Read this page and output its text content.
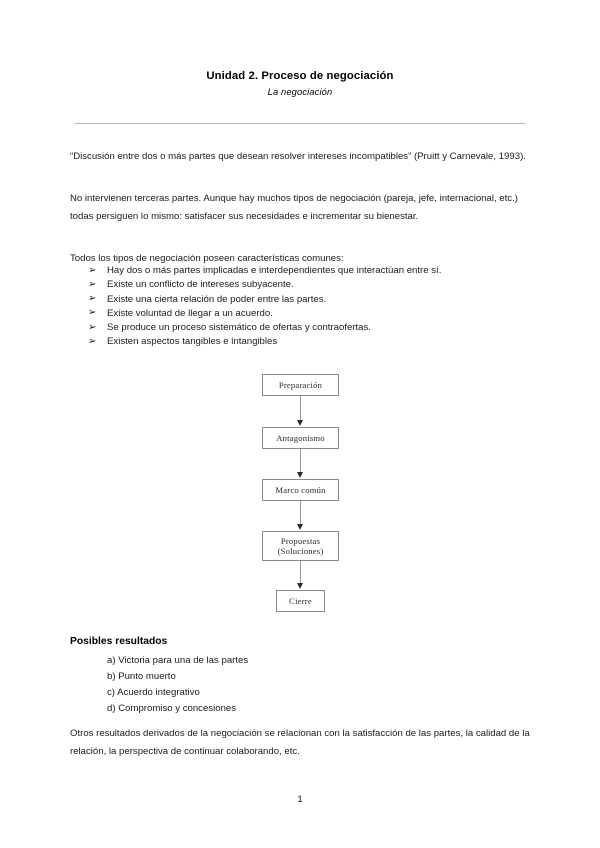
Unidad 2. Proceso de negociación
La negociación
“Discusión entre dos o más partes que desean resolver intereses incompatibles” (Pruitt y Carnevale, 1993).
No intervienen terceras partes. Aunque hay muchos tipos de negociación (pareja, jefe, internacional, etc.) todas persiguen lo mismo: satisfacer sus necesidades e incrementar su bienestar.
Todos los tipos de negociación poseen características comunes:
➢ Hay dos o más partes implicadas e interdependientes que interactúan entre sí.
➢ Existe un conflicto de intereses subyacente.
➢ Existe una cierta relación de poder entre las partes.
➢ Existe voluntad de llegar a un acuerdo.
➢ Se produce un proceso sistemático de ofertas y contraofertas.
➢ Existen aspectos tangibles e intangibles
Preparación
Antagonismo
Marco común
Propuestas
(Soluciones)
Cierre
Posibles resultados
a) Victoria para una de las partes
b) Punto muerto
c) Acuerdo integrativo
d) Compromiso y concesiones
Otros resultados derivados de la negociación se relacionan con la satisfacción de las partes, la calidad de la relación, la perspectiva de continuar colaborando, etc.
1
